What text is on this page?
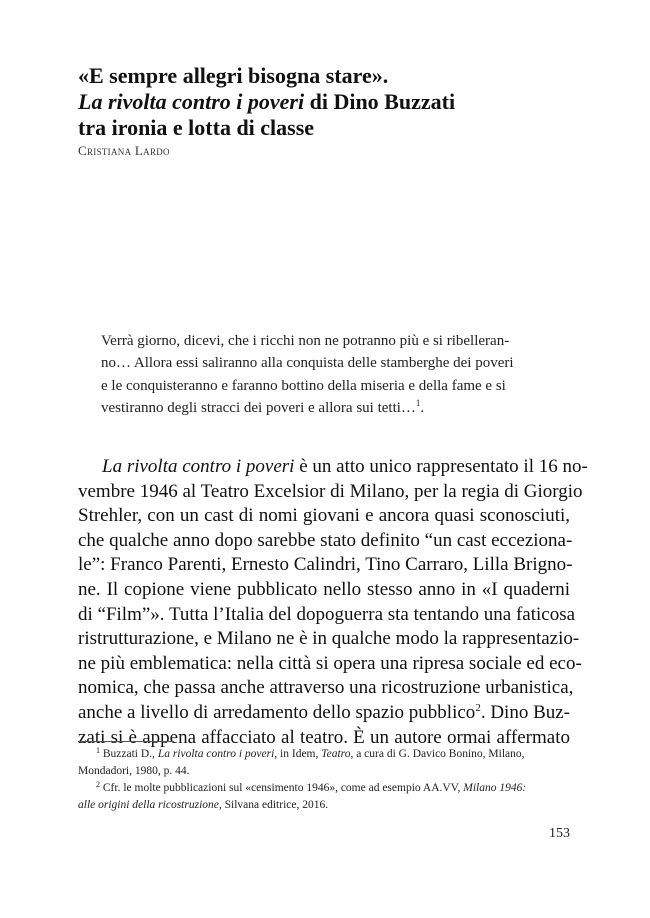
«E sempre allegri bisogna stare».
La rivolta contro i poveri di Dino Buzzati
tra ironia e lotta di classe
Cristiana Lardo
Verrà giorno, dicevi, che i ricchi non ne potranno più e si ribelleran-
no… Allora essi saliranno alla conquista delle stamberghe dei poveri
e le conquisteranno e faranno bottino della miseria e della fame e si
vestiranno degli stracci dei poveri e allora sui tetti…$^1$.
La rivolta contro i poveri è un atto unico rappresentato il 16 no-
vembre 1946 al Teatro Excelsior di Milano, per la regia di Giorgio
Strehler, con un cast di nomi giovani e ancora quasi sconosciuti,
che qualche anno dopo sarebbe stato definito “un cast ecceziona-
le”: Franco Parenti, Ernesto Calindri, Tino Carraro, Lilla Brigno-
ne. Il copione viene pubblicato nello stesso anno in «I quaderni
di “Film”». Tutta l’Italia del dopoguerra sta tentando una faticosa
ristrutturazione, e Milano ne è in qualche modo la rappresentazio-
ne più emblematica: nella città si opera una ripresa sociale ed eco-
nomica, che passa anche attraverso una ricostruzione urbanistica,
anche a livello di arredamento dello spazio pubblico$^2$. Dino Buz-
zati si è appena affacciato al teatro. È un autore ormai affermato
$^1$ Buzzati D., La rivolta contro i poveri, in Idem, Teatro, a cura di G. Davico Bonino, Milano,
Mondadori, 1980, p. 44.
$^2$ Cfr. le molte pubblicazioni sul «censimento 1946», come ad esempio AA.VV, Milano 1946:
alle origini della ricostruzione, Silvana editrice, 2016.
153
